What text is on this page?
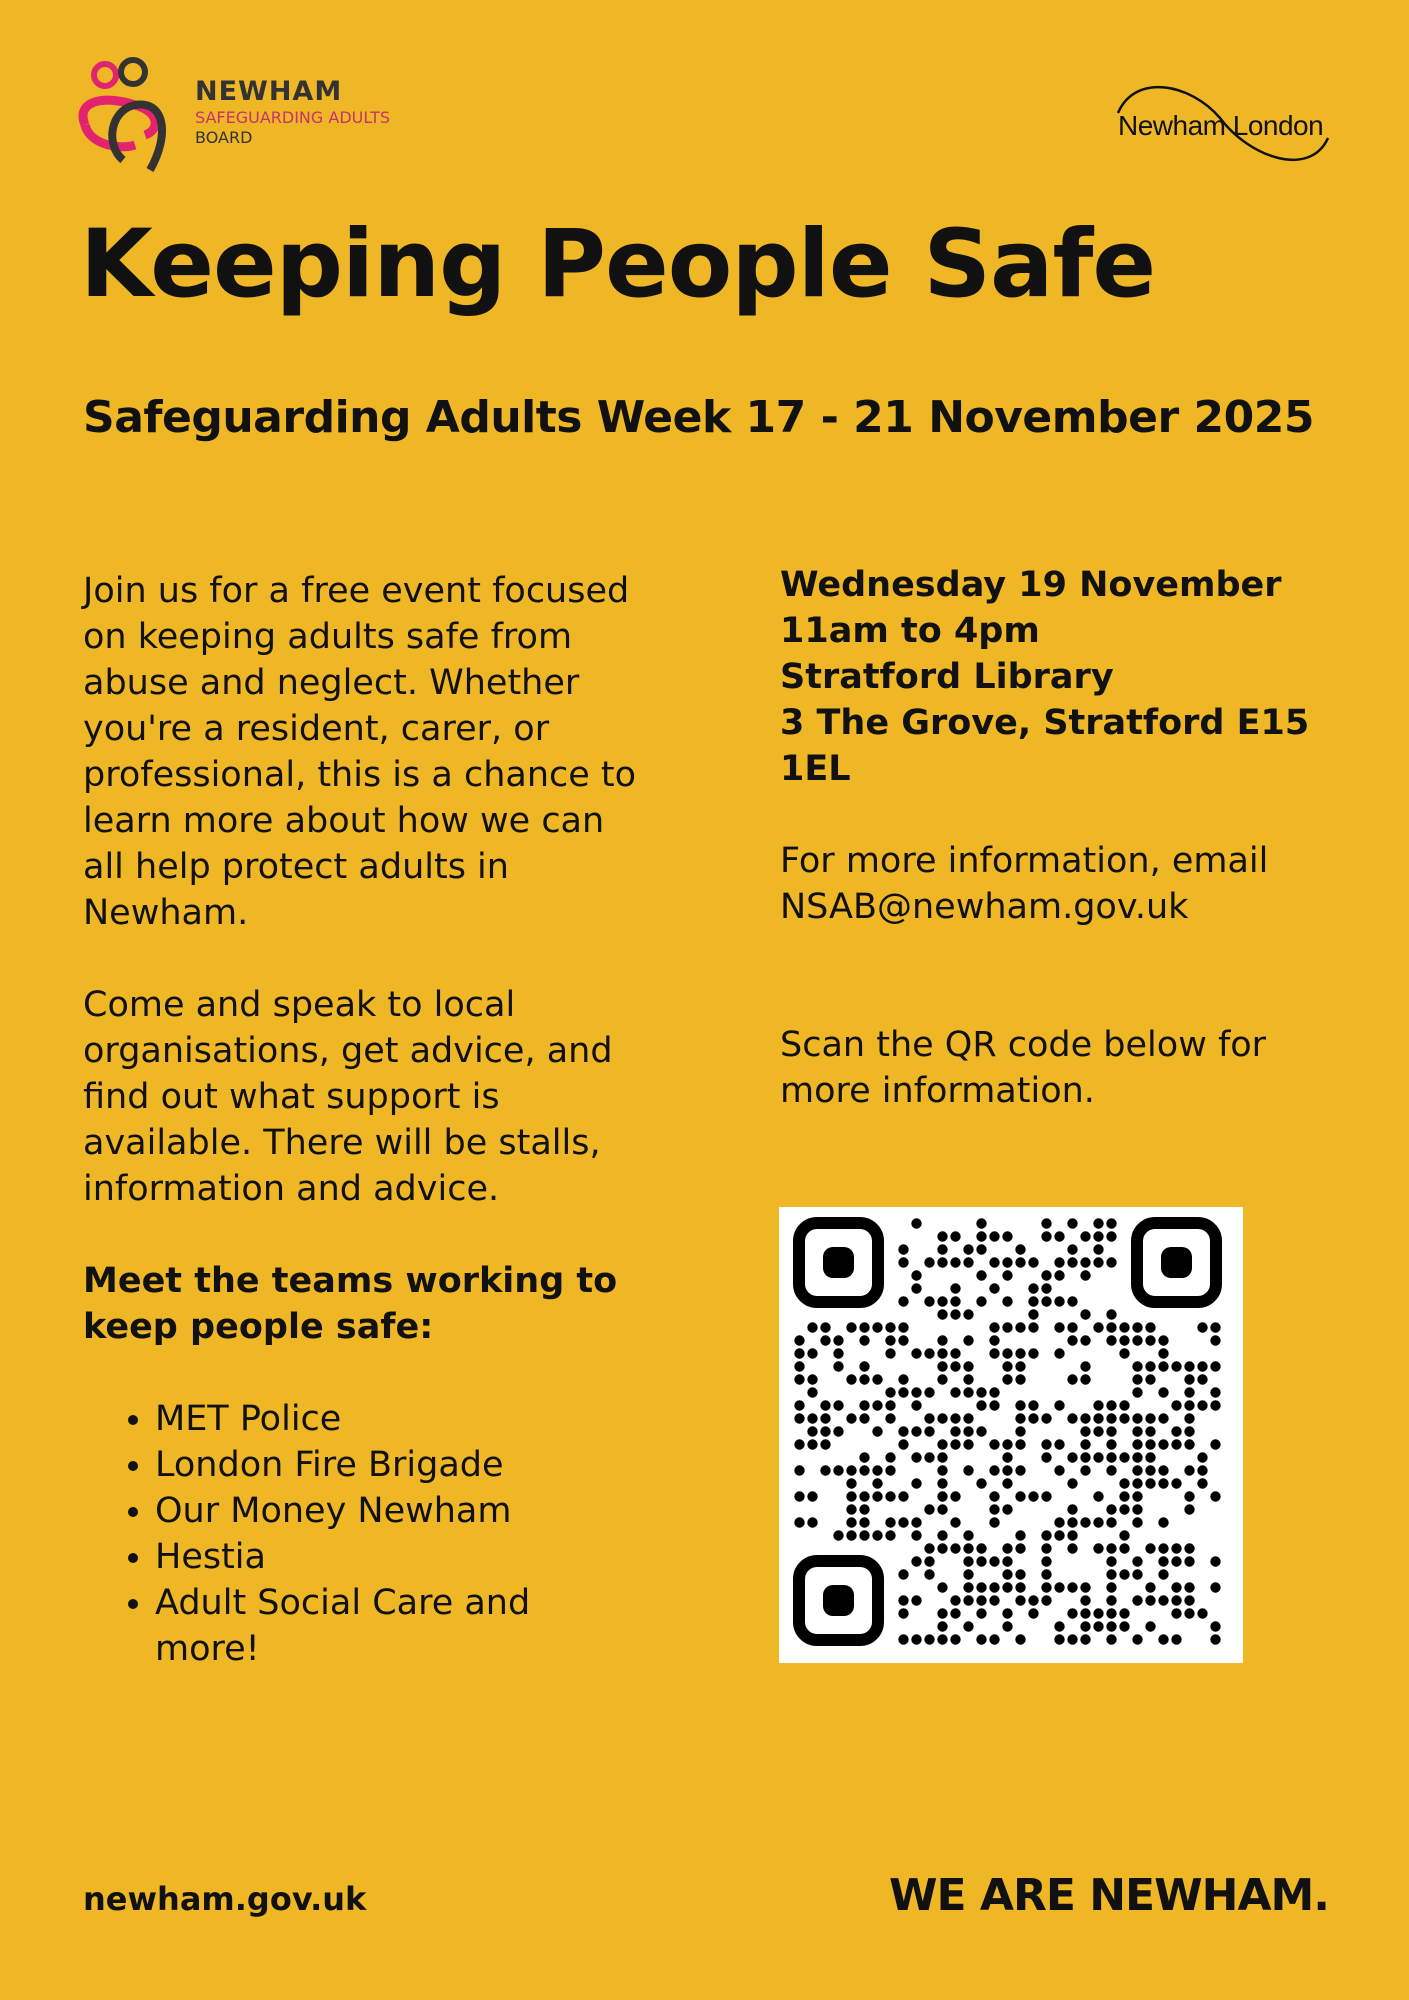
NEWHAM
SAFEGUARDING ADULTS
BOARD	Newham London
Keeping People Safe
Safeguarding Adults Week 17 - 21 November 2025

Join us for a free event focused on keeping adults safe from abuse and neglect. Whether you're a resident, carer, or professional, this is a chance to learn more about how we can all help protect adults in Newham.

Come and speak to local organisations, get advice, and find out what support is available. There will be stalls, information and advice.

Meet the teams working to keep people safe:

• MET Police
• London Fire Brigade
• Our Money Newham
• Hestia
• Adult Social Care and more!

Wednesday 19 November

11am to 4pm

Stratford Library

3 The Grove, Stratford E15 1EL

For more information, email

NSAB@newham.gov.uk

Scan the QR code below for more information.

newham.gov.uk	WE ARE NEWHAM.
